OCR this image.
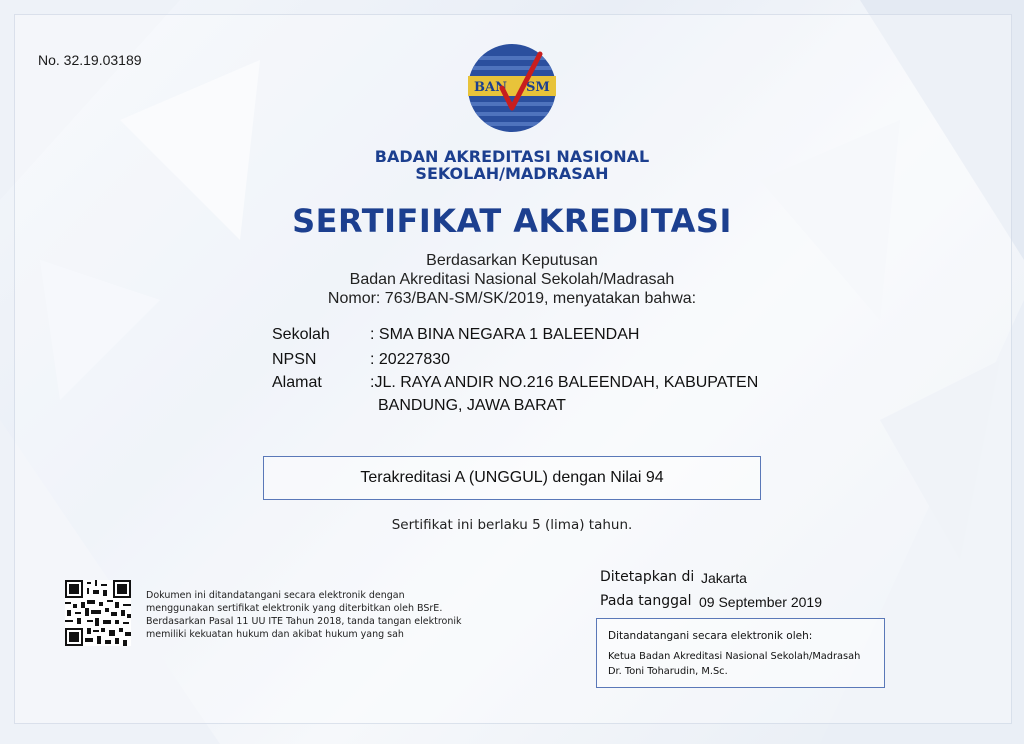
No. 32.19.03189
BAN SM
BADAN AKREDITASI NASIONAL
SEKOLAH/MADRASAH
SERTIFIKAT AKREDITASI
Berdasarkan Keputusan
Badan Akreditasi Nasional Sekolah/Madrasah
Nomor: 763/BAN-SM/SK/2019, menyatakan bahwa:
Sekolah	: SMA BINA NEGARA 1 BALEENDAH
NPSN	: 20227830
Alamat	:JL. RAYA ANDIR NO.216 BALEENDAH, KABUPATEN
BANDUNG, JAWA BARAT
Terakreditasi A (UNGGUL) dengan Nilai 94
Sertifikat ini berlaku 5 (lima) tahun.
Dokumen ini ditandatangani secara elektronik dengan
menggunakan sertifikat elektronik yang diterbitkan oleh BSrE.
Berdasarkan Pasal 11 UU ITE Tahun 2018, tanda tangan elektronik
memiliki kekuatan hukum dan akibat hukum yang sah
Ditetapkan di Jakarta
Pada tanggal 09 September 2019
Ditandatangani secara elektronik oleh:
Ketua Badan Akreditasi Nasional Sekolah/Madrasah
Dr. Toni Toharudin, M.Sc.
